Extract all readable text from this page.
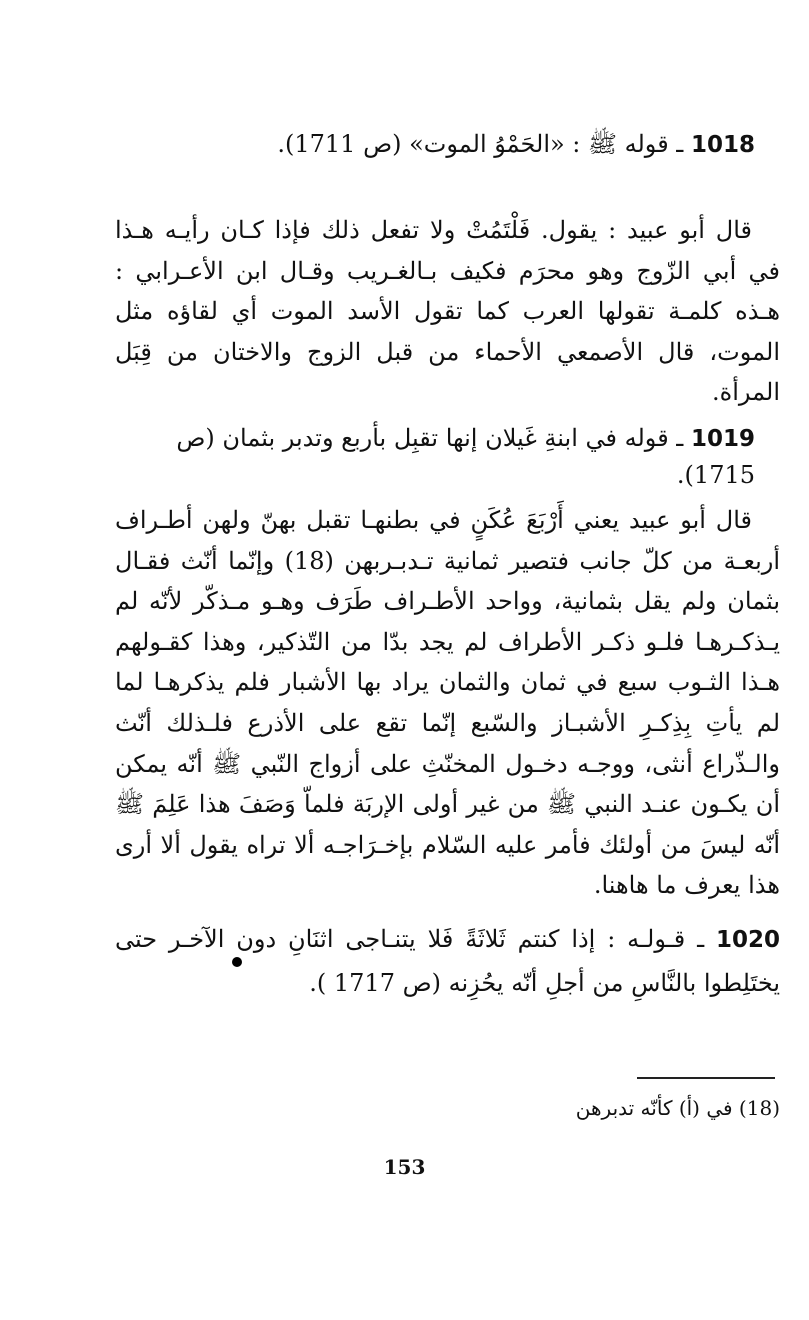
1018 ـ قوله ﷺ : «الحَمْوُ الموت» (ص 1711).
قال أبو عبيد : يقول. فَلْتَمُتْ ولا تفعل ذلك فإذا كـان رأيـه هـذا في أبي الزّوج وهو محرَم فكيف بـالغـريب وقـال ابن الأعـرابي : هـذه كلمـة تقولها العرب كما تقول الأسد الموت أي لقاؤه مثل الموت، قال الأصمعي الأحماء من قبل الزوج والاختان من قِبَل المرأة.
1019 ـ قوله في ابنةِ غَيلان إنها تقبِل بأربع وتدبر بثمان (ص 1715).
قال أبو عبيد يعني أَرْبَعَ عُكَنٍ في بطنهـا تقبل بهنّ ولهن أطـراف أربعـة من كلّ جانب فتصير ثمانية تـدبـربهن (18) وإنّما أنّث فقـال بثمان ولم يقل بثمانية، وواحد الأطـراف طَرَف وهـو مـذكّر لأنّه لم يـذكـرهـا فلـو ذكـر الأطراف لم يجد بدّا من التّذكير، وهذا كقـولهم هـذا الثـوب سبع في ثمان والثمان يراد بها الأشبار فلم يذكرهـا لما لم يأتِ بِذِكـرِ الأشبـاز والسّبع إنّما تقع على الأذرع فلـذلك أنّث والـذّراع أنثى، ووجـه دخـول المخنّثِ على أزواج النّبي ﷺ أنّه يمكن أن يكـون عنـد النبي ﷺ من غير أولى الإربَة فلماّ وَصَفَ هذا عَلِمَ ﷺ أنّه ليسَ من أولئك فأمر عليه السّلام بإخـرَاجـه ألا تراه يقول ألا أرى هذا يعرف ما هاهنا.
1020 ـ قـولـه : إذا كنتم ثَلاثَةً فَلا يتنـاجى اثنَانِ دون الآخـر حتى يختَلِطوا بالنَّاسِ من أجلِ أنّه يحُزِنه (ص 1717 ).
(18) في (أ) كأنّه تدبرهن
153
